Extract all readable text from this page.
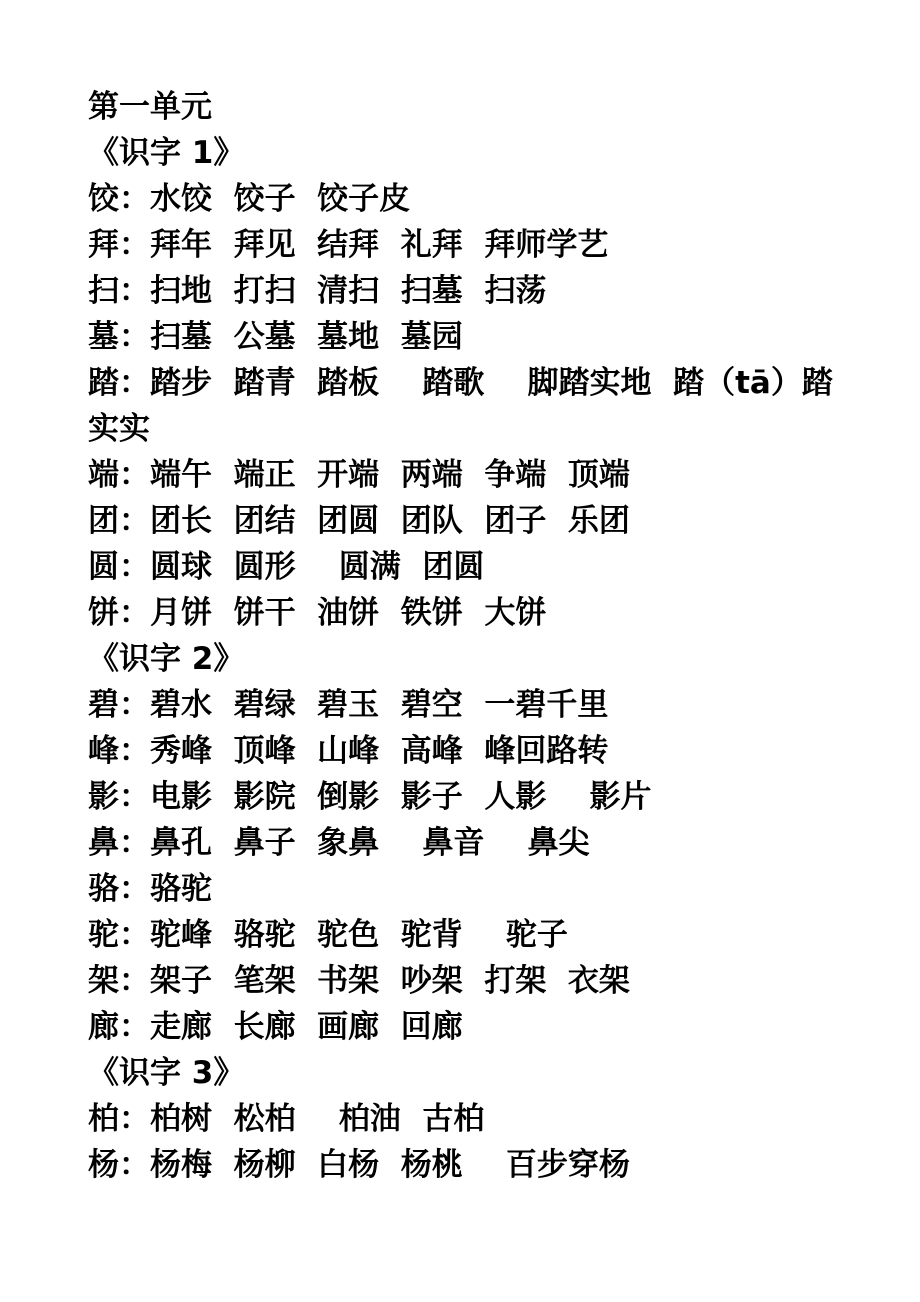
第一单元
《识字 1》
饺：水饺  饺子  饺子皮
拜：拜年  拜见  结拜  礼拜  拜师学艺
扫：扫地  打扫  清扫  扫墓  扫荡
墓：扫墓  公墓  墓地  墓园
踏：踏步  踏青  踏板    踏歌    脚踏实地  踏（tā）踏
实实
端：端午  端正  开端  两端  争端  顶端
团：团长  团结  团圆  团队  团子  乐团
圆：圆球  圆形    圆满  团圆
饼：月饼  饼干  油饼  铁饼  大饼
《识字 2》
碧：碧水  碧绿  碧玉  碧空  一碧千里
峰：秀峰  顶峰  山峰  高峰  峰回路转
影：电影  影院  倒影  影子  人影    影片
鼻：鼻孔  鼻子  象鼻    鼻音    鼻尖
骆：骆驼
驼：驼峰  骆驼  驼色  驼背    驼子
架：架子  笔架  书架  吵架  打架  衣架
廊：走廊  长廊  画廊  回廊
《识字 3》
柏：柏树  松柏    柏油  古柏
杨：杨梅  杨柳  白杨  杨桃    百步穿杨
